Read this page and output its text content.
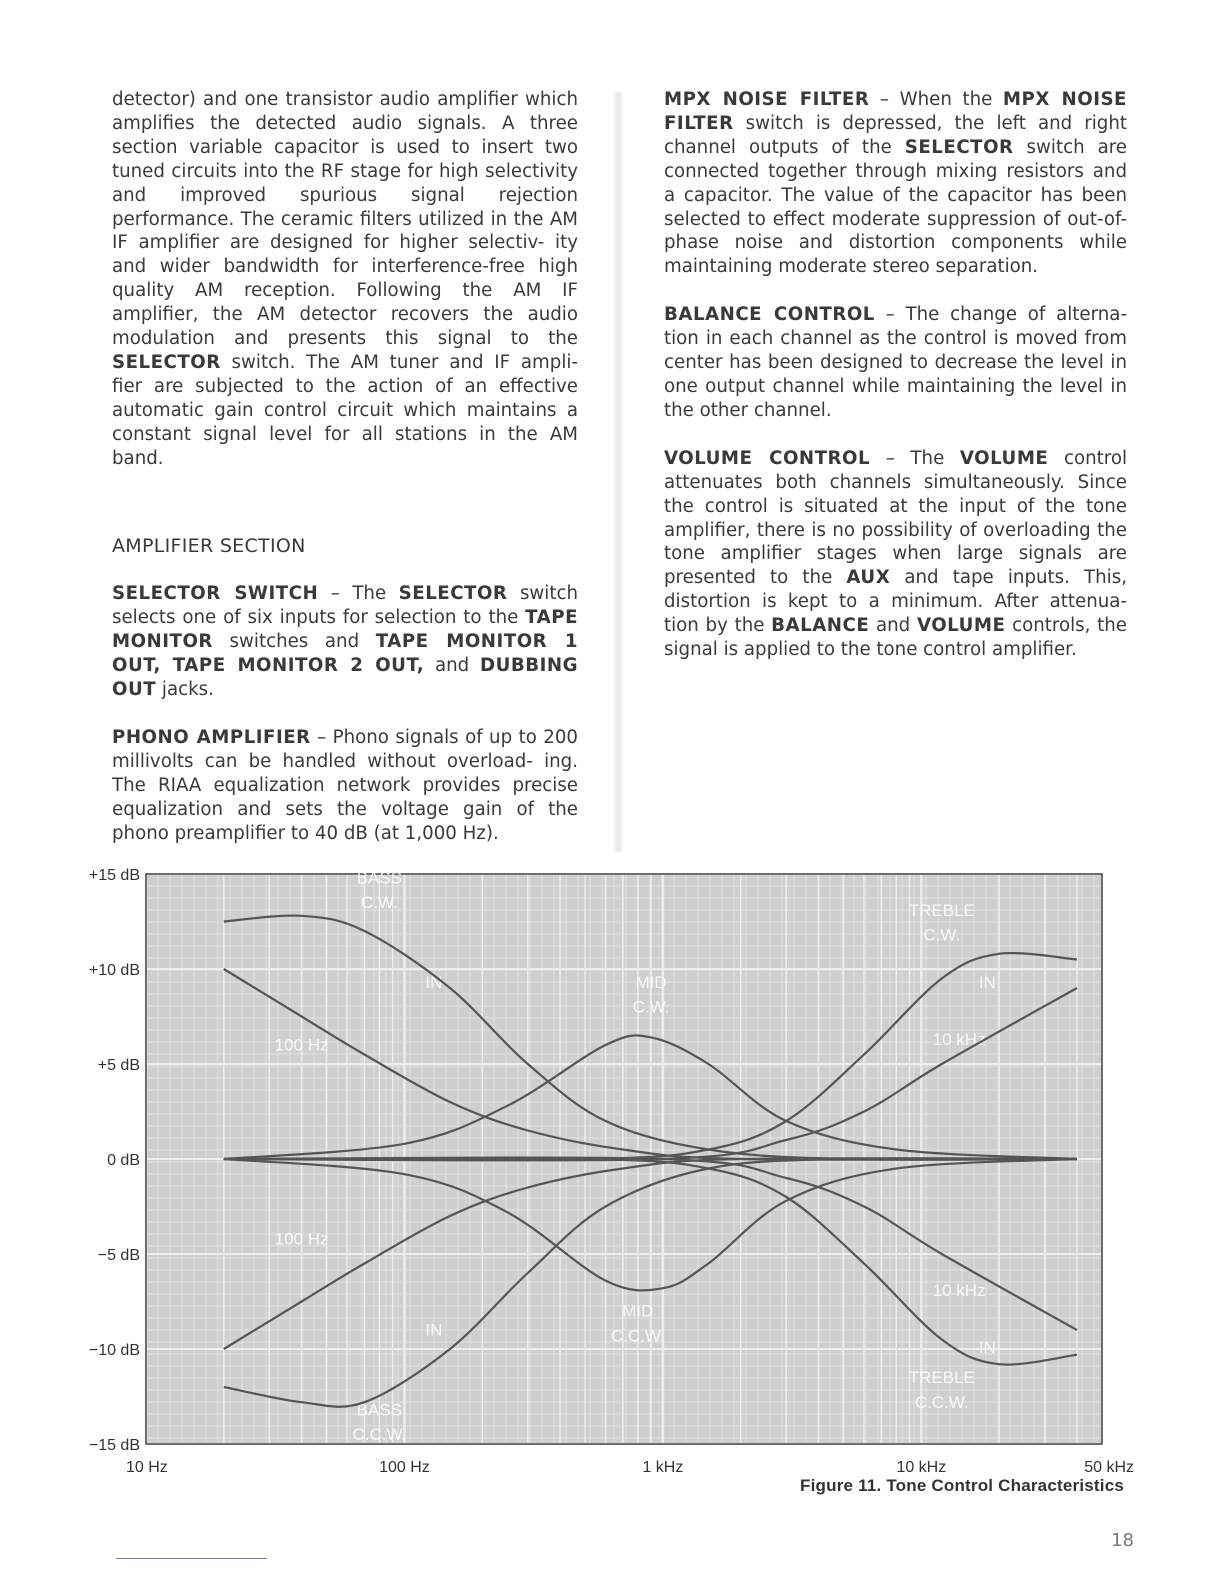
detector) and one transistor audio amplifier which amplifies the detected audio signals. A three section variable capacitor is used to insert two tuned circuits into the RF stage for high selectivity and improved spurious signal rejection performance. The ceramic filters utilized in the AM IF amplifier are designed for higher selectiv- ity and wider bandwidth for interference-free high quality AM reception. Following the AM IF amplifier, the AM detector recovers the audio modulation and presents this signal to the SELECTOR switch. The AM tuner and IF ampli- fier are subjected to the action of an effective automatic gain control circuit which maintains a constant signal level for all stations in the AM band.

AMPLIFIER SECTION

SELECTOR SWITCH – The SELECTOR switch selects one of six inputs for selection to the TAPE MONITOR switches and TAPE MONITOR 1 OUT, TAPE MONITOR 2 OUT, and DUBBING OUT jacks.

PHONO AMPLIFIER – Phono signals of up to 200 millivolts can be handled without overload- ing. The RIAA equalization network provides precise equalization and sets the voltage gain of the phono preamplifier to 40 dB (at 1,000 Hz).

MPX NOISE FILTER – When the MPX NOISE FILTER switch is depressed, the left and right channel outputs of the SELECTOR switch are connected together through mixing resistors and a capacitor. The value of the capacitor has been selected to effect moderate suppression of out-of- phase noise and distortion components while maintaining moderate stereo separation.

BALANCE CONTROL – The change of alterna- tion in each channel as the control is moved from center has been designed to decrease the level in one output channel while maintaining the level in the other channel.

VOLUME CONTROL – The VOLUME control attenuates both channels simultaneously. Since the control is situated at the input of the tone amplifier, there is no possibility of overloading the tone amplifier stages when large signals are presented to the AUX and tape inputs. This, distortion is kept to a minimum. After attenua- tion by the BALANCE and VOLUME controls, the signal is applied to the tone control amplifier.

BASS
C.W.
IN
100 Hz
MID
C.W.
TREBLE
C.W.
IN
10 kHz
100 Hz
IN
BASS
C.C.W.
MID
C.C.W.
10 kHz
IN
TREBLE
C.C.W.
+15 dB
+10 dB
+5 dB
0 dB
−5 dB
−10 dB
−15 dB
10 Hz	100 Hz	1 kHz	10 kHz	50 kHz
Figure 11. Tone Control Characteristics
18
